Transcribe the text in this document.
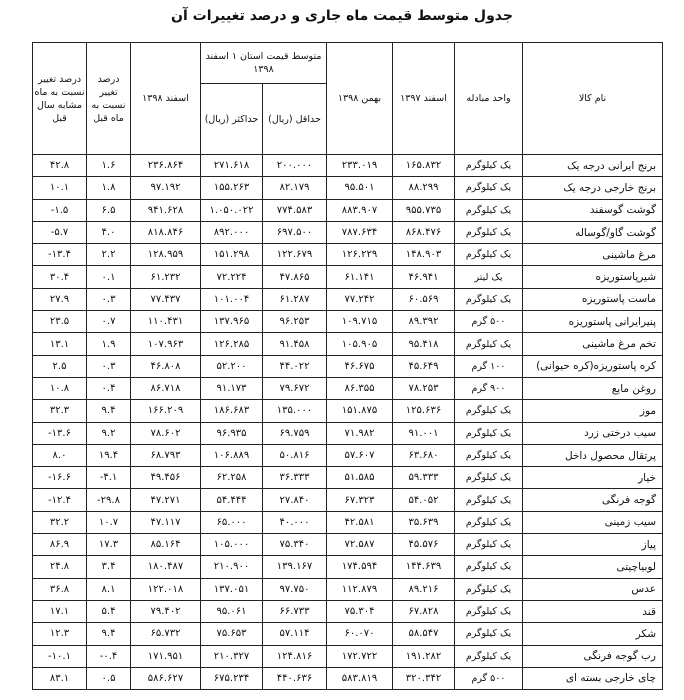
جدول متوسط قیمت ماه جاری و درصد تغییرات آن
درصد تغییر نسبت به ماه مشابه سال قبل	درصد تغییر نسبت به ماه قبل	اسفند ۱۳۹۸	متوسط قیمت استان ۱ اسفند ۱۳۹۸		بهمن ۱۳۹۸	اسفند ۱۳۹۷	واحد مبادله	نام کالا
			حداکثر (ریال)	حداقل (ریال)				
۴۲.۸	۱.۶	۲۳۶.۸۶۴	۲۷۱.۶۱۸	۲۰۰.۰۰۰	۲۳۳.۰۱۹	۱۶۵.۸۳۲	یک کیلوگرم	برنج ایرانی درجه یک
۱۰.۱	۱.۸	۹۷.۱۹۲	۱۵۵.۲۶۳	۸۲.۱۷۹	۹۵.۵۰۱	۸۸.۲۹۹	یک کیلوگرم	برنج خارجی درجه یک
-۱.۵	۶.۵	۹۴۱.۶۲۸	۱.۰۵۰.۰۲۲	۷۷۴.۵۸۳	۸۸۳.۹۰۷	۹۵۵.۷۳۵	یک کیلوگرم	گوشت گوسفند
-۵.۷	۴.۰	۸۱۸.۸۴۶	۸۹۲.۰۰۰	۶۹۷.۵۰۰	۷۸۷.۶۳۴	۸۶۸.۴۷۶	یک کیلوگرم	گوشت گاو/گوساله
-۱۳.۴	۲.۲	۱۲۸.۹۵۹	۱۵۱.۲۹۸	۱۲۲.۶۷۹	۱۲۶.۲۲۹	۱۴۸.۹۰۳	یک کیلوگرم	مرغ ماشینی
۳۰.۴	۰.۱	۶۱.۲۳۲	۷۲.۲۲۴	۴۷.۸۶۵	۶۱.۱۴۱	۴۶.۹۴۱	یک لیتر	شیرپاستوریزه
۲۷.۹	۰.۳	۷۷.۴۳۷	۱۰۱.۰۰۴	۶۱.۲۸۷	۷۷.۲۴۲	۶۰.۵۶۹	یک کیلوگرم	ماست پاستوریزه
۲۳.۵	۰.۷	۱۱۰.۴۳۱	۱۳۷.۹۶۵	۹۶.۲۵۳	۱۰۹.۷۱۵	۸۹.۳۹۲	۵۰۰ گرم	پنیرایرانی پاستوریزه
۱۳.۱	۱.۹	۱۰۷.۹۶۳	۱۲۶.۲۸۵	۹۱.۴۵۸	۱۰۵.۹۰۵	۹۵.۴۱۸	یک کیلوگرم	تخم مرغ ماشینی
۲.۵	۰.۳	۴۶.۸۰۸	۵۲.۲۰۰	۴۴.۰۲۲	۴۶.۶۷۵	۴۵.۶۴۹	۱۰۰ گرم	کره پاستوریزه(کره حیوانی)
۱۰.۸	۰.۴	۸۶.۷۱۸	۹۱.۱۷۳	۷۹.۶۷۲	۸۶.۳۵۵	۷۸.۲۵۳	۹۰۰ گرم	روغن مایع
۳۲.۳	۹.۴	۱۶۶.۲۰۹	۱۸۶.۶۸۳	۱۳۵.۰۰۰	۱۵۱.۸۷۵	۱۲۵.۶۳۶	یک کیلوگرم	موز
-۱۳.۶	۹.۲	۷۸.۶۰۲	۹۶.۹۳۵	۶۹.۷۵۹	۷۱.۹۸۲	۹۱.۰۰۱	یک کیلوگرم	سیب درختی زرد
۸.۰	۱۹.۴	۶۸.۷۹۳	۱۰۶.۸۸۹	۵۰.۸۱۶	۵۷.۶۰۷	۶۳.۶۸۰	یک کیلوگرم	پرتقال محصول داخل
-۱۶.۶	-۴.۱	۴۹.۴۵۶	۶۲.۲۵۸	۳۶.۳۳۳	۵۱.۵۸۵	۵۹.۳۳۳	یک کیلوگرم	خیار
-۱۲.۴	-۲۹.۸	۴۷.۲۷۱	۵۴.۴۴۴	۲۷.۸۴۰	۶۷.۳۲۳	۵۴.۰۵۲	یک کیلوگرم	گوجه فرنگی
۳۲.۲	۱۰.۷	۴۷.۱۱۷	۶۵.۰۰۰	۴۰.۰۰۰	۴۲.۵۸۱	۳۵.۶۳۹	یک کیلوگرم	سیب زمینی
۸۶.۹	۱۷.۳	۸۵.۱۶۴	۱۰۵.۰۰۰	۷۵.۳۴۰	۷۲.۵۸۷	۴۵.۵۷۶	یک کیلوگرم	پیاز
۲۴.۸	۳.۴	۱۸۰.۴۸۷	۲۱۰.۹۰۰	۱۳۹.۱۶۷	۱۷۴.۵۹۴	۱۴۴.۶۳۹	یک کیلوگرم	لوبیاچیتی
۳۶.۸	۸.۱	۱۲۲.۰۱۸	۱۳۷.۰۵۱	۹۷.۷۵۰	۱۱۲.۸۷۹	۸۹.۲۱۶	یک کیلوگرم	عدس
۱۷.۱	۵.۴	۷۹.۴۰۲	۹۵.۰۶۱	۶۶.۷۳۳	۷۵.۳۰۴	۶۷.۸۲۸	یک کیلوگرم	قند
۱۲.۳	۹.۴	۶۵.۷۳۲	۷۵.۶۵۳	۵۷.۱۱۴	۶۰.۰۷۰	۵۸.۵۴۷	یک کیلوگرم	شکر
-۱۰.۱	-۰.۴	۱۷۱.۹۵۱	۲۱۰.۳۲۷	۱۲۴.۸۱۶	۱۷۲.۷۲۲	۱۹۱.۲۸۲	یک کیلوگرم	رب گوجه فرنگی
۸۳.۱	۰.۵	۵۸۶.۶۲۷	۶۷۵.۲۳۴	۴۴۰.۶۳۶	۵۸۳.۸۱۹	۳۲۰.۳۴۲	۵۰۰ گرم	چای خارجی بسته ای
